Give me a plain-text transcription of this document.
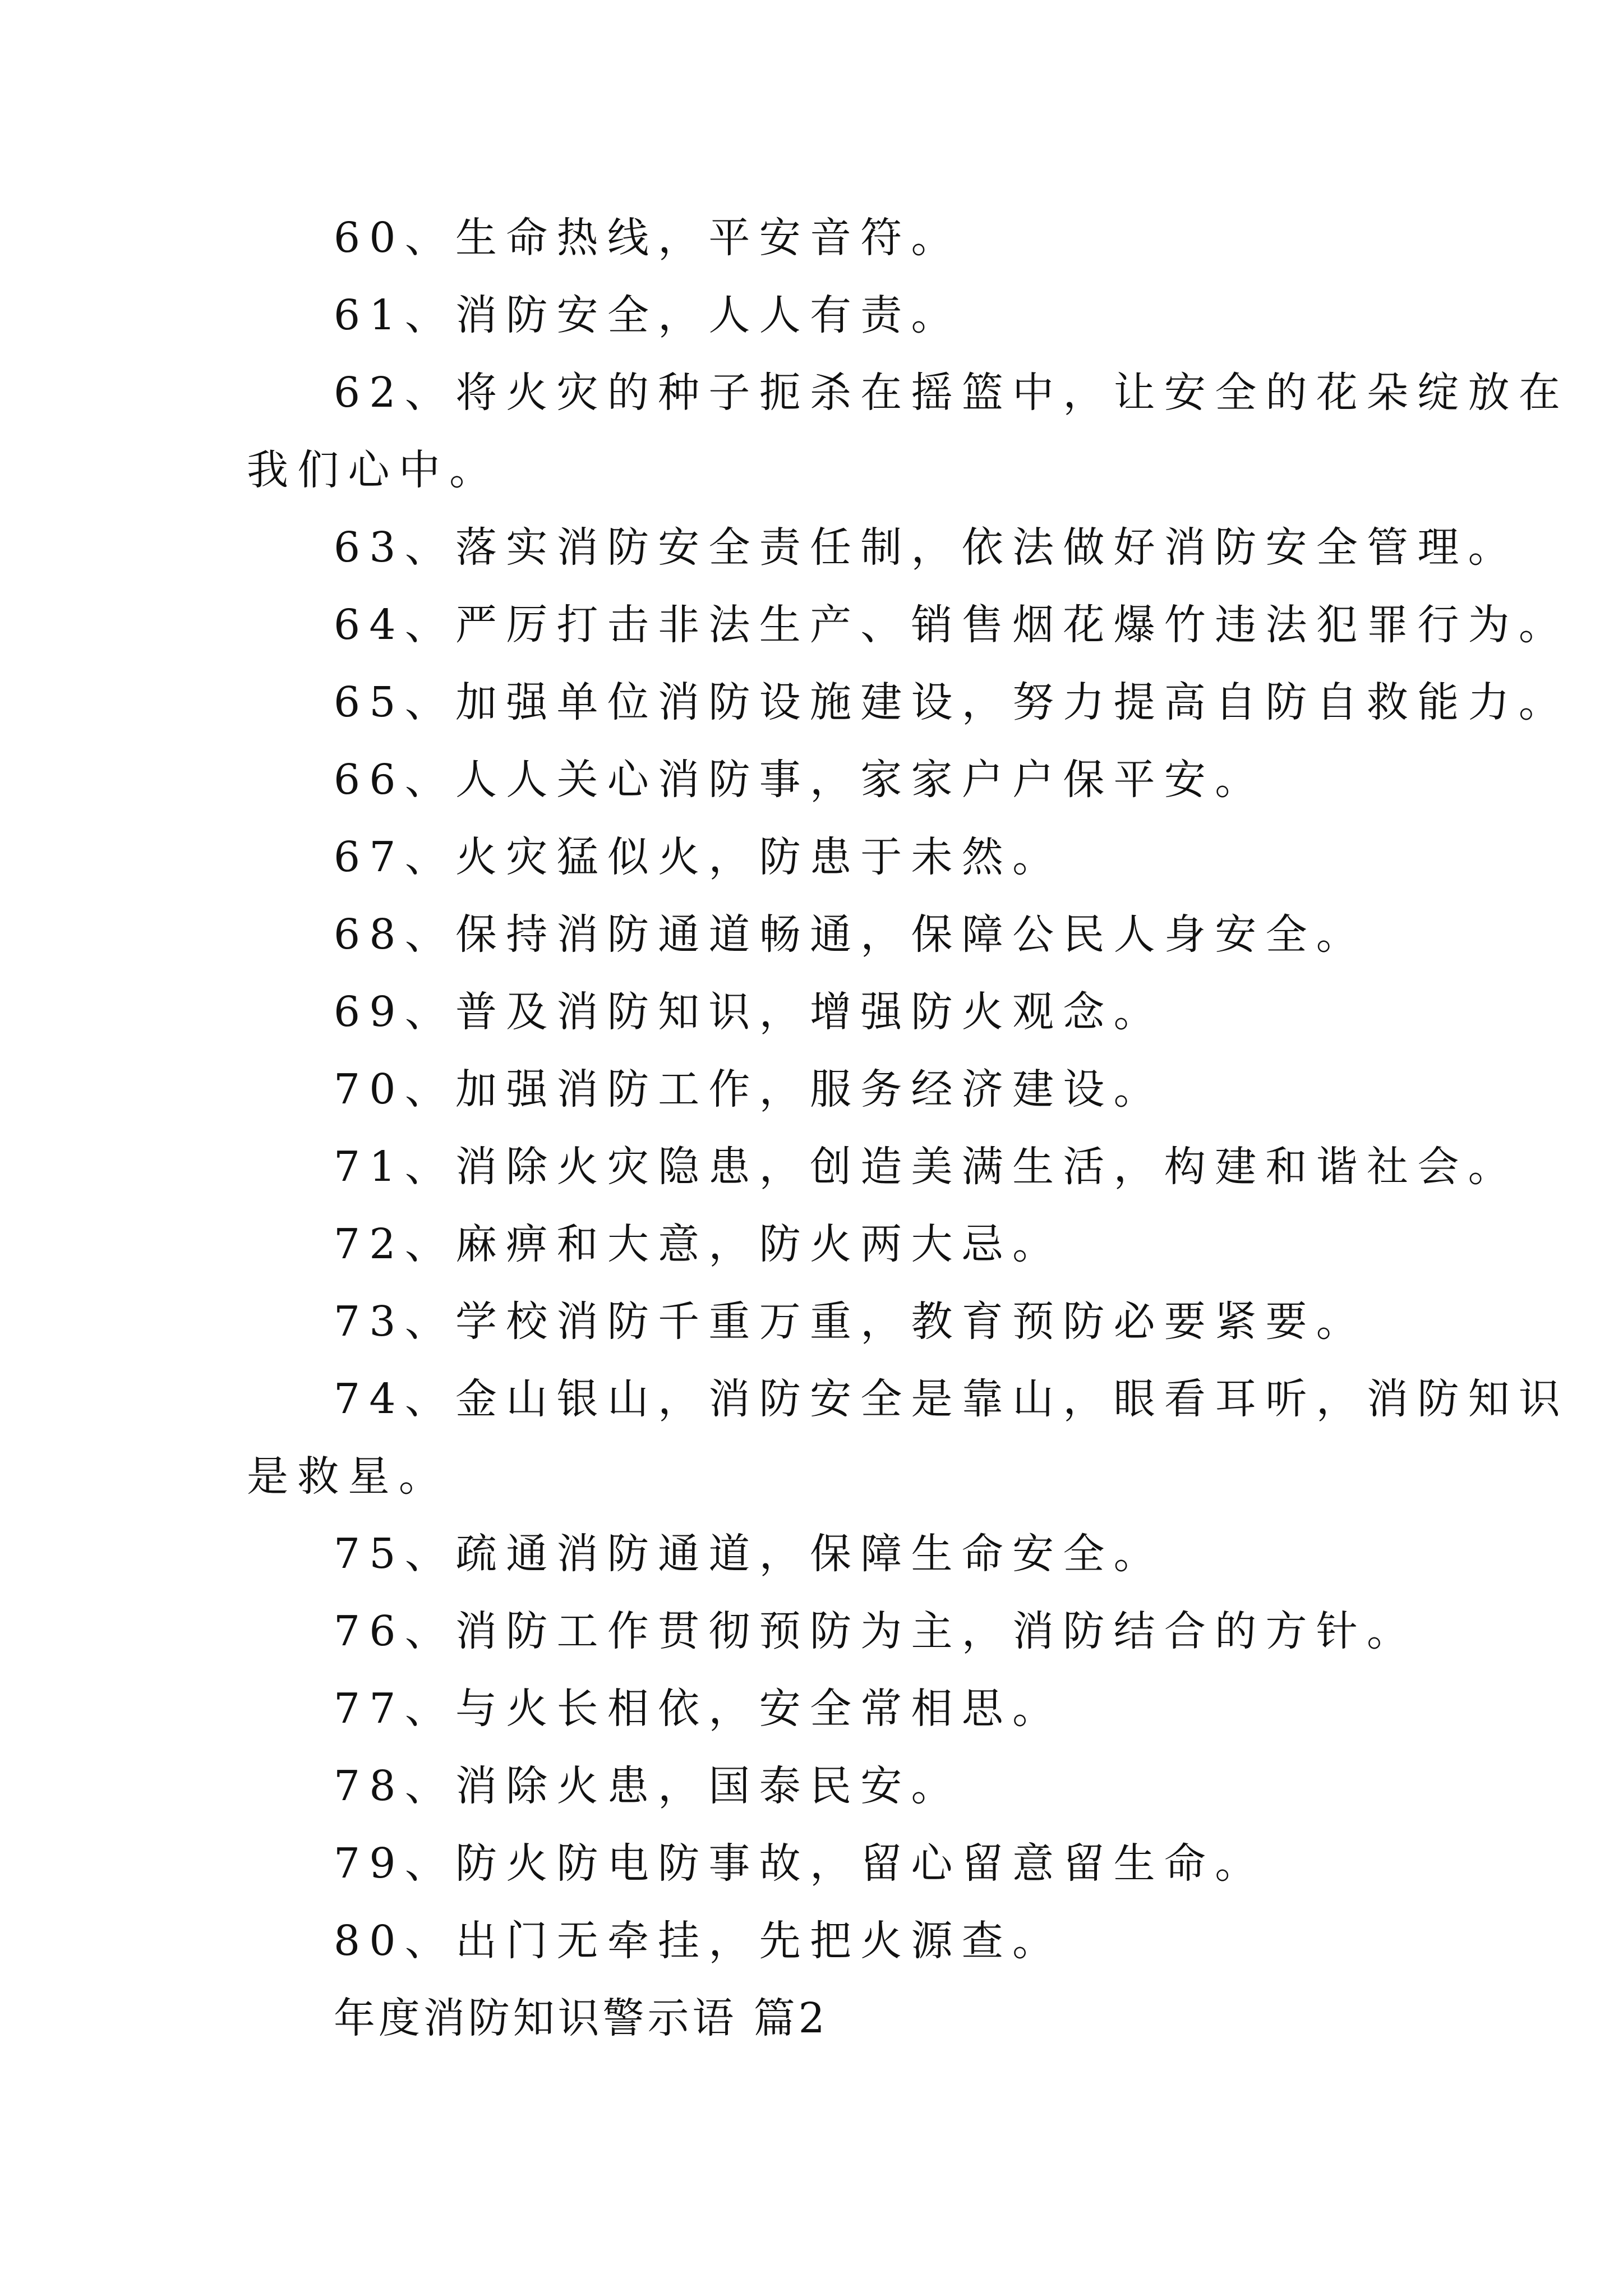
60、生命热线，平安音符。
61、消防安全，人人有责。
62、将火灾的种子扼杀在摇篮中，让安全的花朵绽放在
我们心中。
63、落实消防安全责任制，依法做好消防安全管理。
64、严厉打击非法生产、销售烟花爆竹违法犯罪行为。
65、加强单位消防设施建设，努力提高自防自救能力。
66、人人关心消防事，家家户户保平安。
67、火灾猛似火，防患于未然。
68、保持消防通道畅通，保障公民人身安全。
69、普及消防知识，增强防火观念。
70、加强消防工作，服务经济建设。
71、消除火灾隐患，创造美满生活，构建和谐社会。
72、麻痹和大意，防火两大忌。
73、学校消防千重万重，教育预防必要紧要。
74、金山银山，消防安全是靠山，眼看耳听，消防知识
是救星。
75、疏通消防通道，保障生命安全。
76、消防工作贯彻预防为主，消防结合的方针。
77、与火长相依，安全常相思。
78、消除火患，国泰民安。
79、防火防电防事故，留心留意留生命。
80、出门无牵挂，先把火源查。
年度消防知识警示语 篇2
